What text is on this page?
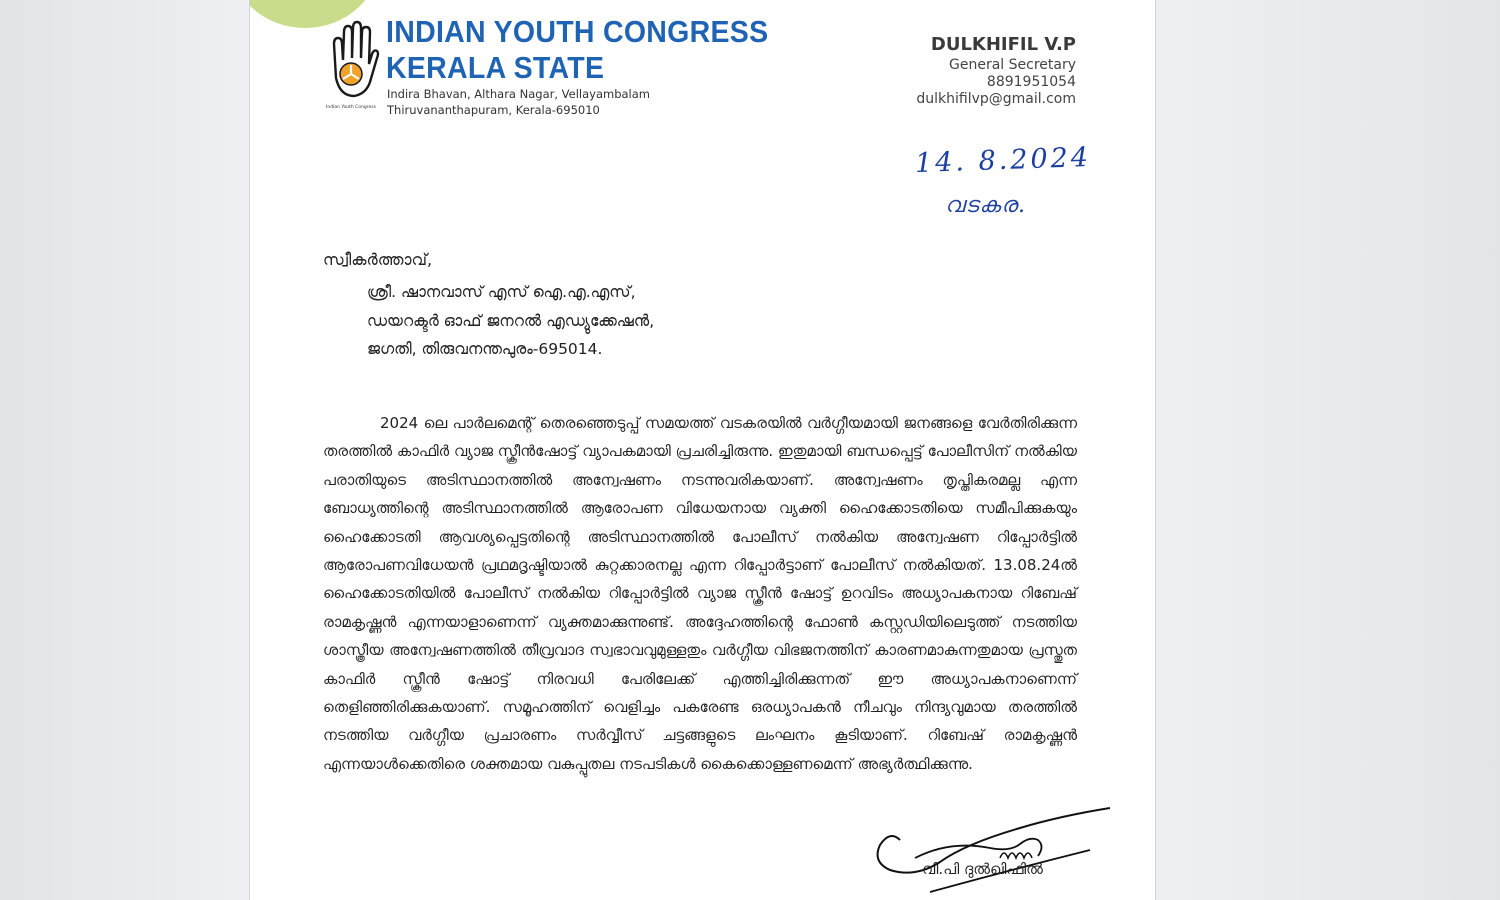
Indian Youth Congress
INDIAN YOUTH CONGRESS
KERALA STATE
Indira Bhavan, Althara Nagar, Vellayambalam
Thiruvananthapuram, Kerala-695010
DULKHIFIL V.P
General Secretary
8891951054
dulkhifilvp@gmail.com
14. 8.2024
വടകര.
സ്വീകർത്താവ്,
ശ്രീ. ഷാനവാസ് എസ് ഐ.എ.എസ്,
ഡയറക്ടർ ഓഫ് ജനറൽ എഡ്യുക്കേഷൻ,
ജഗതി, തിരുവനന്തപുരം-695014.
2024 ലെ പാർലമെന്റ് തെരഞ്ഞെടുപ്പ് സമയത്ത് വടകരയിൽ വർഗ്ഗീയമായി ജനങ്ങളെ വേർതിരിക്കുന്ന തരത്തിൽ കാഫിർ വ്യാജ സ്ക്രീൻഷോട്ട് വ്യാപകമായി പ്രചരിച്ചിരുന്നു. ഇതുമായി ബന്ധപ്പെട്ട് പോലീസിന് നൽകിയ പരാതിയുടെ അടിസ്ഥാനത്തിൽ അന്വേഷണം നടന്നുവരികയാണ്. അന്വേഷണം തൃപ്തികരമല്ല എന്ന ബോധ്യത്തിന്റെ അടിസ്ഥാനത്തിൽ ആരോപണ വിധേയനായ വ്യക്തി ഹൈക്കോടതിയെ സമീപിക്കുകയും ഹൈക്കോടതി ആവശ്യപ്പെട്ടതിന്റെ അടിസ്ഥാനത്തിൽ പോലീസ് നൽകിയ അന്വേഷണ റിപ്പോർട്ടിൽ ആരോപണവിധേയൻ പ്രഥമദൃഷ്ടിയാൽ കുറ്റക്കാരനല്ല എന്ന റിപ്പോർട്ടാണ് പോലീസ് നൽകിയത്. 13.08.24ൽ ഹൈക്കോടതിയിൽ പോലീസ് നൽകിയ റിപ്പോർട്ടിൽ വ്യാജ സ്ക്രീൻ ഷോട്ട് ഉറവിടം അധ്യാപകനായ റിബേഷ് രാമകൃഷ്ണൻ എന്നയാളാണെന്ന് വ്യക്തമാക്കുന്നുണ്ട്. അദ്ദേഹത്തിന്റെ ഫോൺ കസ്റ്റഡിയിലെടുത്ത് നടത്തിയ ശാസ്ത്രീയ അന്വേഷണത്തിൽ തീവ്രവാദ സ്വഭാവവുമുള്ളതും വർഗ്ഗീയ വിഭജനത്തിന് കാരണമാകുന്നതുമായ പ്രസ്തുത കാഫിർ സ്ക്രീൻ ഷോട്ട് നിരവധി പേരിലേക്ക് എത്തിച്ചിരിക്കുന്നത് ഈ അധ്യാപകനാണെന്ന് തെളിഞ്ഞിരിക്കുകയാണ്. സമൂഹത്തിന് വെളിച്ചം പകരേണ്ട ഒരധ്യാപകൻ നീചവും നിന്ദ്യവുമായ തരത്തിൽ നടത്തിയ വർഗ്ഗീയ പ്രചാരണം സർവ്വീസ് ചട്ടങ്ങളുടെ ലംഘനം കൂടിയാണ്. റിബേഷ് രാമകൃഷ്ണൻ എന്നയാൾക്കെതിരെ ശക്തമായ വകുപ്പുതല നടപടികൾ കൈക്കൊള്ളണമെന്ന് അഭ്യർത്ഥിക്കുന്നു.
വി.പി ദുൽഖിഫിൽ
